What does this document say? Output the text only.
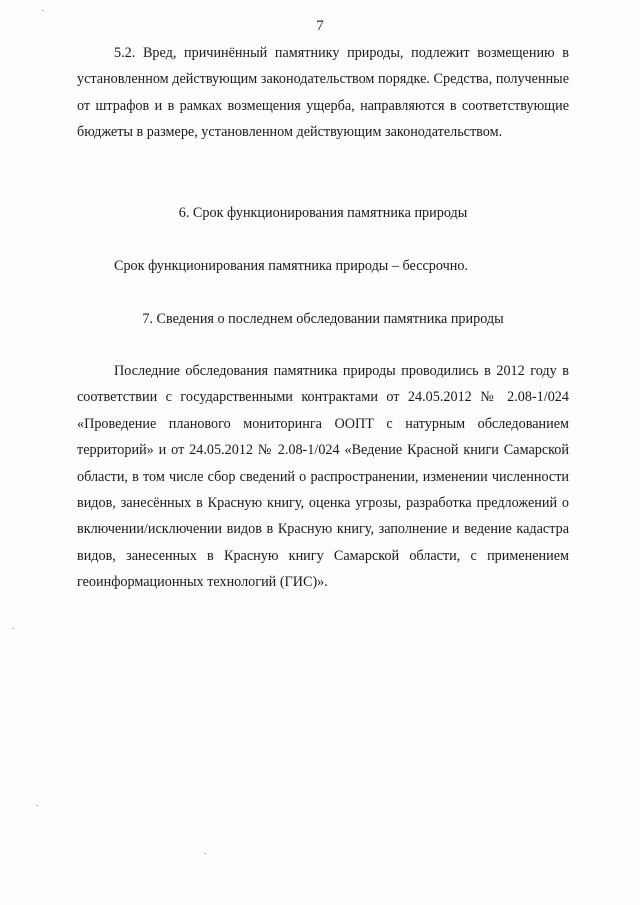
7

5.2. Вред, причинённый памятнику природы, подлежит возмещению в установленном действующим законодательством порядке. Средства, полученные от штрафов и в рамках возмещения ущерба, направляются в соответствующие бюджеты в размере, установленном действующим законодательством.

6. Срок функционирования памятника природы

Срок функционирования памятника природы – бессрочно.

7. Сведения о последнем обследовании памятника природы

Последние обследования памятника природы проводились в 2012 году в соответствии с государственными контрактами от 24.05.2012 № 2.08-1/024 «Проведение планового мониторинга ООПТ с натурным обследованием территорий» и от 24.05.2012 № 2.08-1/024 «Ведение Красной книги Самарской области, в том числе сбор сведений о распространении, изменении численности видов, занесённых в Красную книгу, оценка угрозы, разработка предложений о включении/исключении видов в Красную книгу, заполнение и ведение кадастра видов, занесенных в Красную книгу Самарской области, с применением геоинформационных технологий (ГИС)».
